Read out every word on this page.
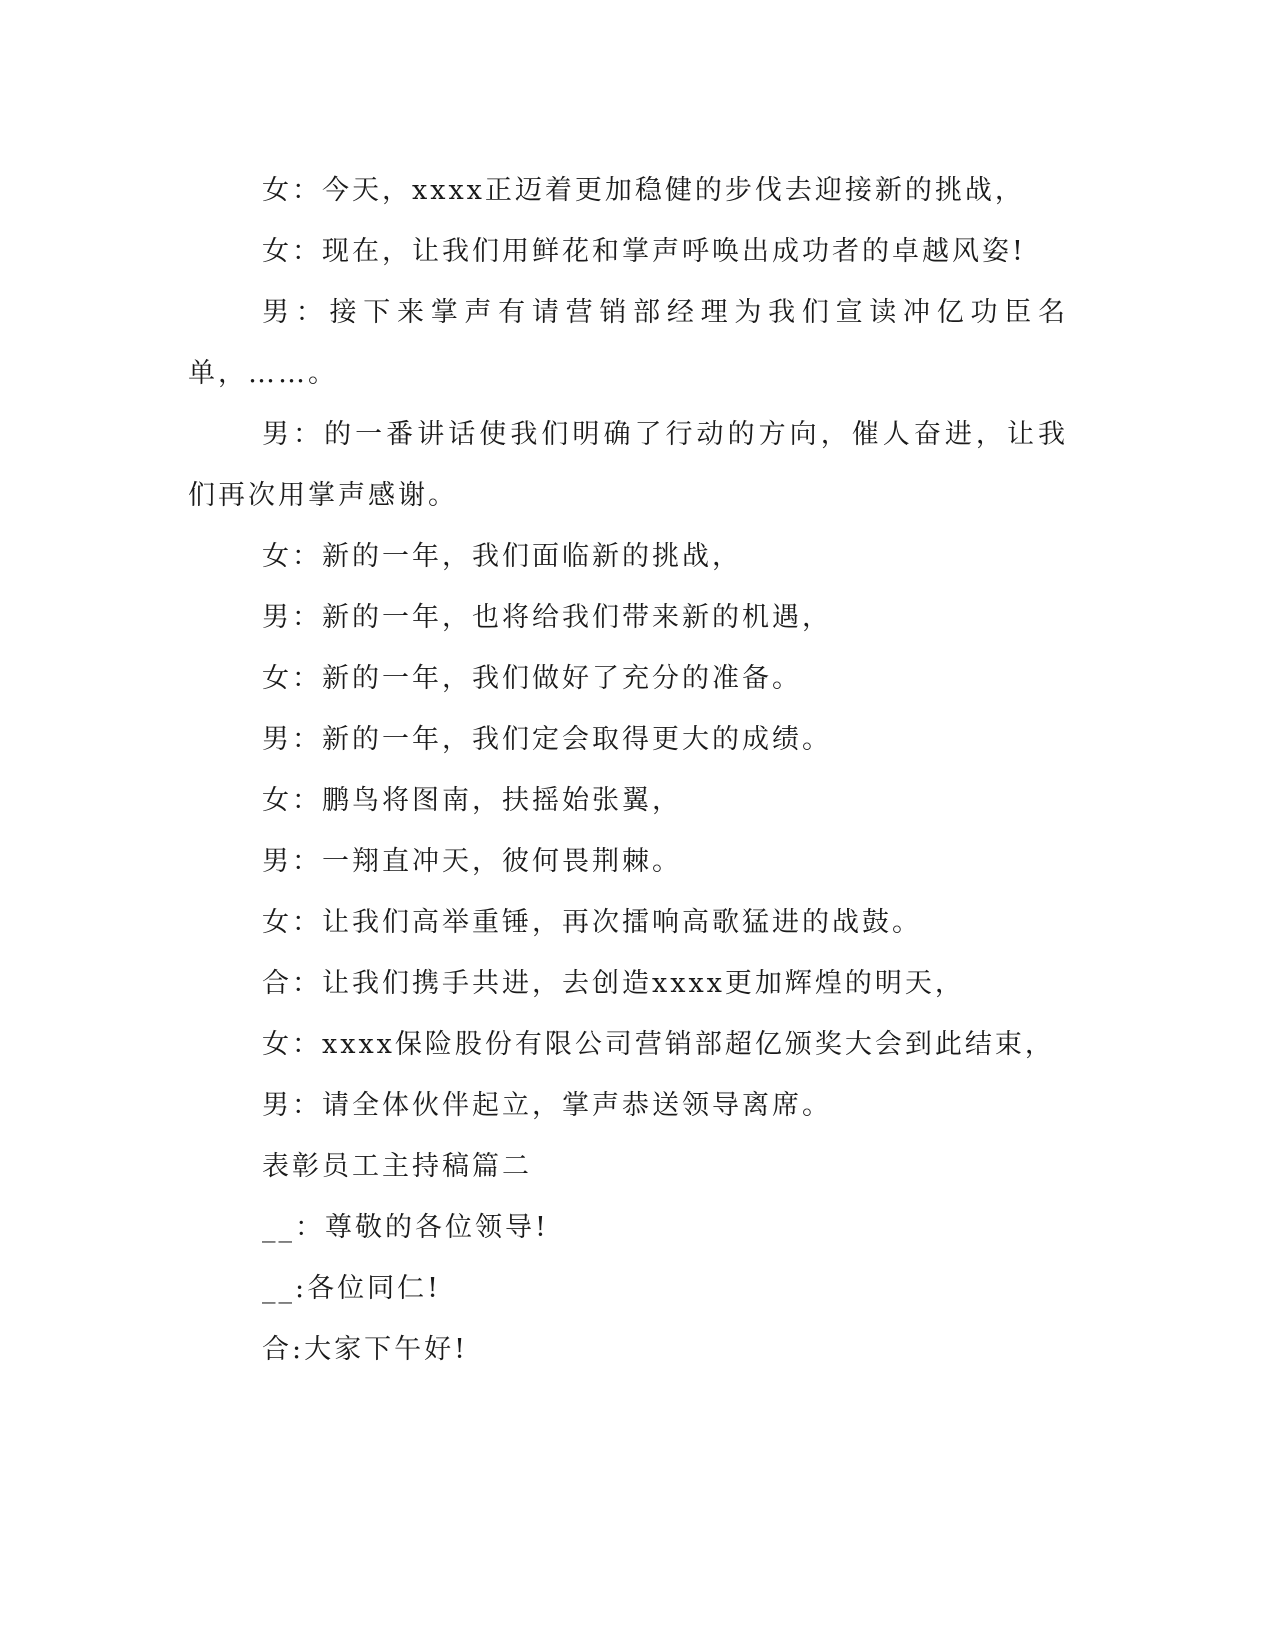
女：今天，xxxx正迈着更加稳健的步伐去迎接新的挑战，

女：现在，让我们用鲜花和掌声呼唤出成功者的卓越风姿!

男：接下来掌声有请营销部经理为我们宣读冲亿功臣名单，……。

男：的一番讲话使我们明确了行动的方向，催人奋进，让我们再次用掌声感谢。

女：新的一年，我们面临新的挑战，

男：新的一年，也将给我们带来新的机遇，

女：新的一年，我们做好了充分的准备。

男：新的一年，我们定会取得更大的成绩。

女：鹏鸟将图南，扶摇始张翼，

男：一翔直冲天，彼何畏荆棘。

女：让我们高举重锤，再次擂响高歌猛进的战鼓。

合：让我们携手共进，去创造xxxx更加辉煌的明天，

女：xxxx保险股份有限公司营销部超亿颁奖大会到此结束，

男：请全体伙伴起立，掌声恭送领导离席。

表彰员工主持稿篇二

__：尊敬的各位领导!

__:各位同仁!

合:大家下午好!
